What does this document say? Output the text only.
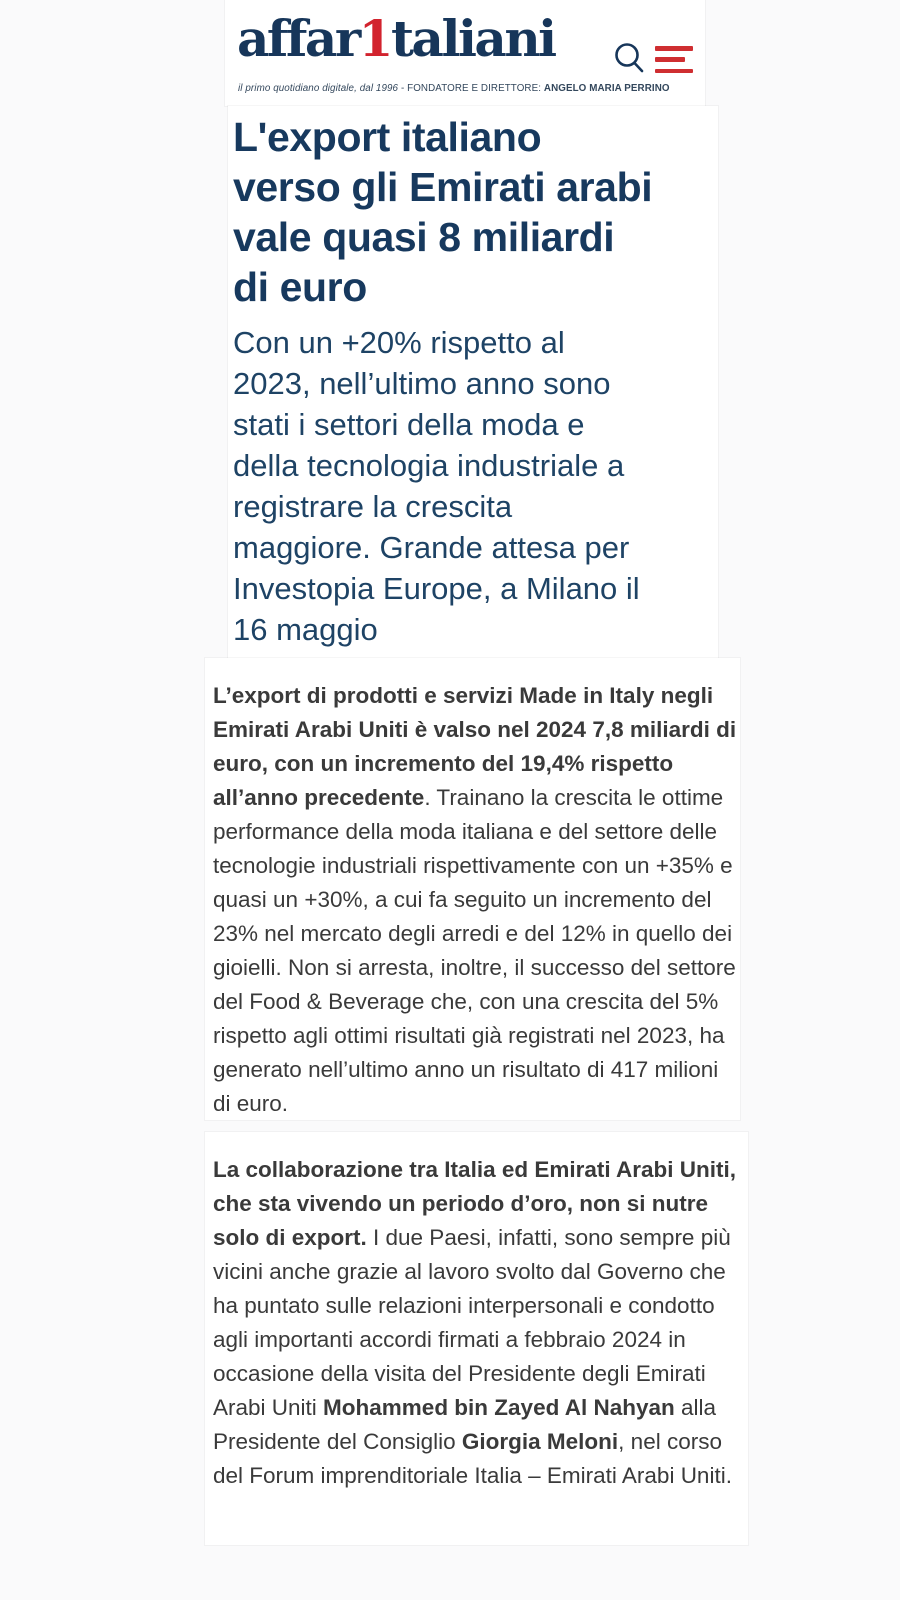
affar1taliani
il primo quotidiano digitale, dal 1996 - FONDATORE E DIRETTORE: ANGELO MARIA PERRINO
L'export italiano verso gli Emirati arabi vale quasi 8 miliardi di euro
Con un +20% rispetto al 2023, nell’ultimo anno sono stati i settori della moda e della tecnologia industriale a registrare la crescita maggiore. Grande attesa per Investopia Europe, a Milano il 16 maggio

L’export di prodotti e servizi Made in Italy negli Emirati Arabi Uniti è valso nel 2024 7,8 miliardi di euro, con un incremento del 19,4% rispetto all’anno precedente. Trainano la crescita le ottime performance della moda italiana e del settore delle tecnologie industriali rispettivamente con un +35% e quasi un +30%, a cui fa seguito un incremento del 23% nel mercato degli arredi e del 12% in quello dei gioielli. Non si arresta, inoltre, il successo del settore del Food & Beverage che, con una crescita del 5% rispetto agli ottimi risultati già registrati nel 2023, ha generato nell’ultimo anno un risultato di 417 milioni di euro.

La collaborazione tra Italia ed Emirati Arabi Uniti, che sta vivendo un periodo d’oro, non si nutre solo di export. I due Paesi, infatti, sono sempre più vicini anche grazie al lavoro svolto dal Governo che ha puntato sulle relazioni interpersonali e condotto agli importanti accordi firmati a febbraio 2024 in occasione della visita del Presidente degli Emirati Arabi Uniti Mohammed bin Zayed Al Nahyan alla Presidente del Consiglio Giorgia Meloni, nel corso del Forum imprenditoriale Italia – Emirati Arabi Uniti.
